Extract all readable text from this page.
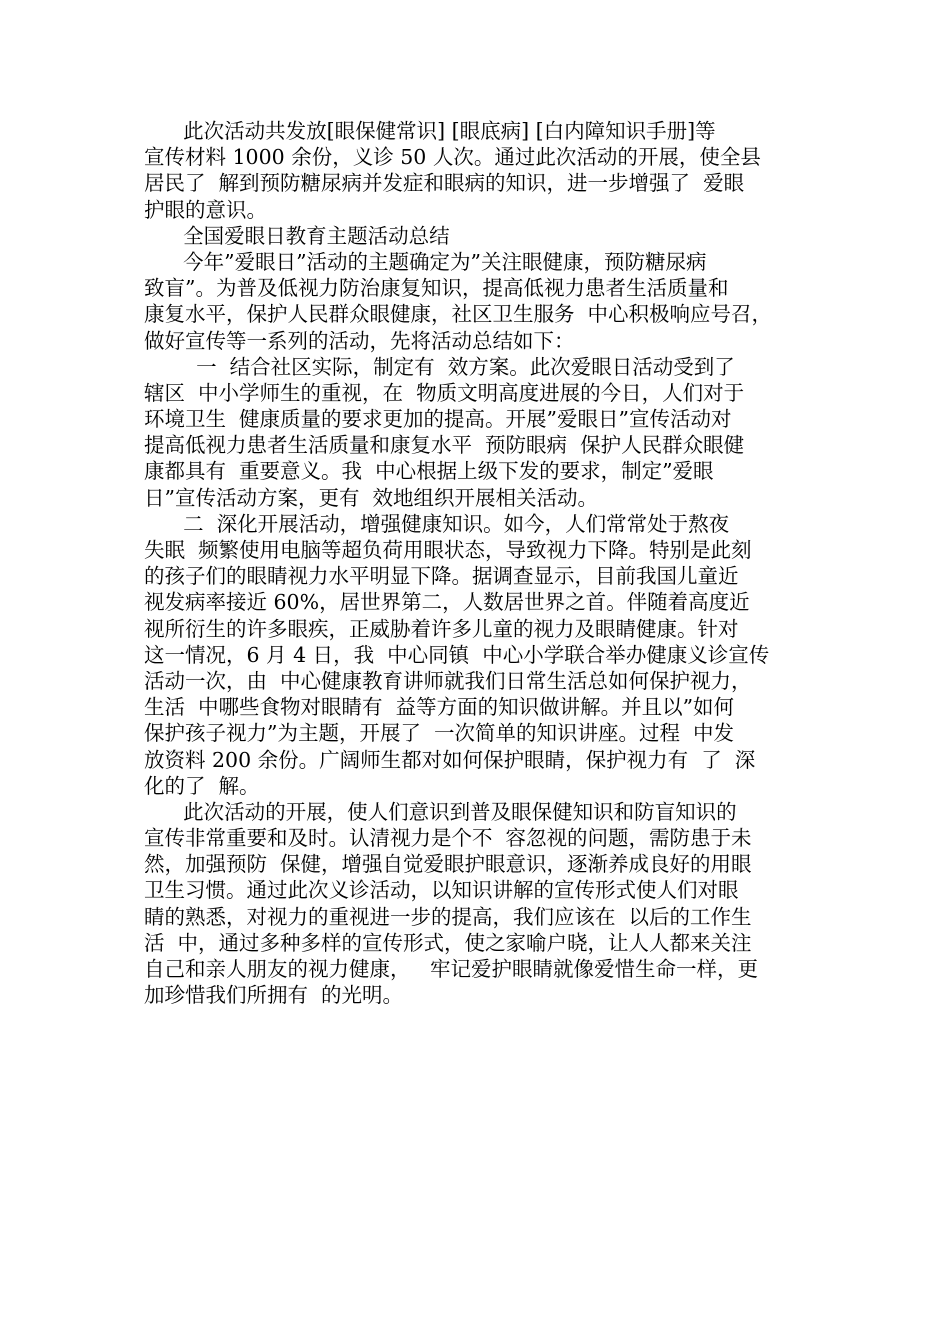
此次活动共发放[眼保健常识] [眼底病] [白内障知识手册]等
宣传材料 1000 余份，义诊 50 人次。通过此次活动的开展，使全县
居民了  解到预防糖尿病并发症和眼病的知识，进一步增强了  爱眼
护眼的意识。
全国爱眼日教育主题活动总结
今年”爱眼日”活动的主题确定为”关注眼健康，预防糖尿病
致盲”。为普及低视力防治康复知识，提高低视力患者生活质量和
康复水平，保护人民群众眼健康，社区卫生服务  中心积极响应号召，
做好宣传等一系列的活动，先将活动总结如下：
一  结合社区实际，制定有  效方案。此次爱眼日活动受到了
辖区  中小学师生的重视，在  物质文明高度进展的今日，人们对于
环境卫生  健康质量的要求更加的提高。开展”爱眼日”宣传活动对
提高低视力患者生活质量和康复水平  预防眼病  保护人民群众眼健
康都具有  重要意义。我  中心根据上级下发的要求，制定”爱眼
日”宣传活动方案，更有  效地组织开展相关活动。
二  深化开展活动，增强健康知识。如今，人们常常处于熬夜
失眠  频繁使用电脑等超负荷用眼状态，导致视力下降。特别是此刻
的孩子们的眼睛视力水平明显下降。据调查显示，目前我国儿童近
视发病率接近 60%，居世界第二，人数居世界之首。伴随着高度近
视所衍生的许多眼疾，正威胁着许多儿童的视力及眼睛健康。针对
这一情况，6 月 4 日，我  中心同镇  中心小学联合举办健康义诊宣传
活动一次，由  中心健康教育讲师就我们日常生活总如何保护视力，
生活  中哪些食物对眼睛有  益等方面的知识做讲解。并且以”如何
保护孩子视力”为主题，开展了  一次简单的知识讲座。过程  中发
放资料 200 余份。广阔师生都对如何保护眼睛，保护视力有  了  深
化的了  解。
此次活动的开展，使人们意识到普及眼保健知识和防盲知识的
宣传非常重要和及时。认清视力是个不  容忽视的问题，需防患于未
然，加强预防  保健，增强自觉爱眼护眼意识，逐渐养成良好的用眼
卫生习惯。通过此次义诊活动，以知识讲解的宣传形式使人们对眼
睛的熟悉，对视力的重视进一步的提高，我们应该在  以后的工作生
活  中，通过多种多样的宣传形式，使之家喻户晓，让人人都来关注
自己和亲人朋友的视力健康，   牢记爱护眼睛就像爱惜生命一样，更
加珍惜我们所拥有  的光明。
